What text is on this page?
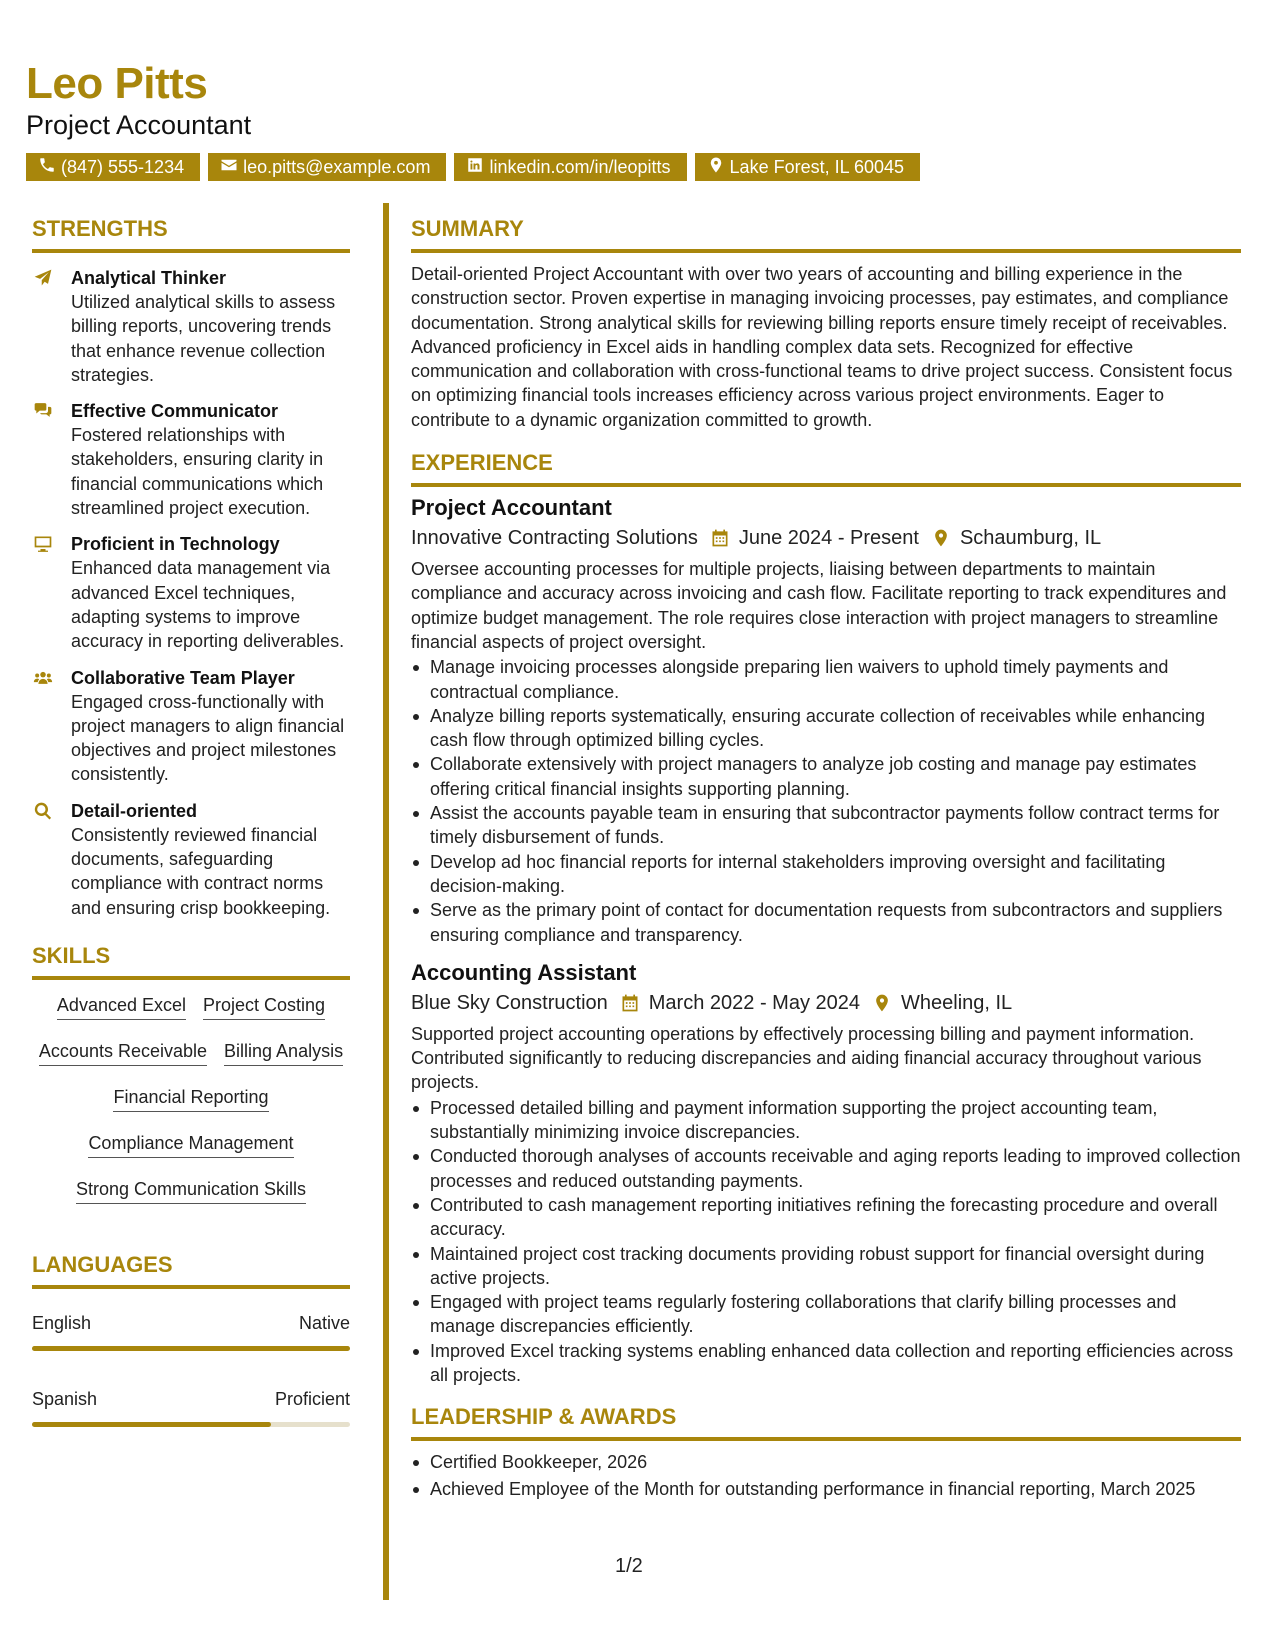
Leo Pitts
Project Accountant
(847) 555-1234	leo.pitts@example.com	linkedin.com/in/leopitts	Lake Forest, IL 60045
STRENGTHS
Analytical Thinker
Utilized analytical skills to assess billing reports, uncovering trends that enhance revenue collection strategies.
Effective Communicator
Fostered relationships with stakeholders, ensuring clarity in financial communications which streamlined project execution.
Proficient in Technology
Enhanced data management via advanced Excel techniques, adapting systems to improve accuracy in reporting deliverables.
Collaborative Team Player
Engaged cross-functionally with project managers to align financial objectives and project milestones consistently.
Detail-oriented
Consistently reviewed financial documents, safeguarding compliance with contract norms and ensuring crisp bookkeeping.
SKILLS
Advanced Excel Project Costing
Accounts Receivable Billing Analysis
Financial Reporting
Compliance Management
Strong Communication Skills
LANGUAGES
English	Native
Spanish	Proficient
SUMMARY
Detail-oriented Project Accountant with over two years of accounting and billing experience in the construction sector. Proven expertise in managing invoicing processes, pay estimates, and compliance documentation. Strong analytical skills for reviewing billing reports ensure timely receipt of receivables. Advanced proficiency in Excel aids in handling complex data sets. Recognized for effective communication and collaboration with cross-functional teams to drive project success. Consistent focus on optimizing financial tools increases efficiency across various project environments. Eager to contribute to a dynamic organization committed to growth.
EXPERIENCE
Project Accountant
Innovative Contracting Solutions June 2024 - Present Schaumburg, IL
Oversee accounting processes for multiple projects, liaising between departments to maintain compliance and accuracy across invoicing and cash flow. Facilitate reporting to track expenditures and optimize budget management. The role requires close interaction with project managers to streamline financial aspects of project oversight.
Manage invoicing processes alongside preparing lien waivers to uphold timely payments and contractual compliance.
Analyze billing reports systematically, ensuring accurate collection of receivables while enhancing cash flow through optimized billing cycles.
Collaborate extensively with project managers to analyze job costing and manage pay estimates offering critical financial insights supporting planning.
Assist the accounts payable team in ensuring that subcontractor payments follow contract terms for timely disbursement of funds.
Develop ad hoc financial reports for internal stakeholders improving oversight and facilitating decision-making.
Serve as the primary point of contact for documentation requests from subcontractors and suppliers ensuring compliance and transparency.
Accounting Assistant
Blue Sky Construction March 2022 - May 2024 Wheeling, IL
Supported project accounting operations by effectively processing billing and payment information. Contributed significantly to reducing discrepancies and aiding financial accuracy throughout various projects.
Processed detailed billing and payment information supporting the project accounting team, substantially minimizing invoice discrepancies.
Conducted thorough analyses of accounts receivable and aging reports leading to improved collection processes and reduced outstanding payments.
Contributed to cash management reporting initiatives refining the forecasting procedure and overall accuracy.
Maintained project cost tracking documents providing robust support for financial oversight during active projects.
Engaged with project teams regularly fostering collaborations that clarify billing processes and manage discrepancies efficiently.
Improved Excel tracking systems enabling enhanced data collection and reporting efficiencies across all projects.
LEADERSHIP & AWARDS
Certified Bookkeeper, 2026
Achieved Employee of the Month for outstanding performance in financial reporting, March 2025
1/2
